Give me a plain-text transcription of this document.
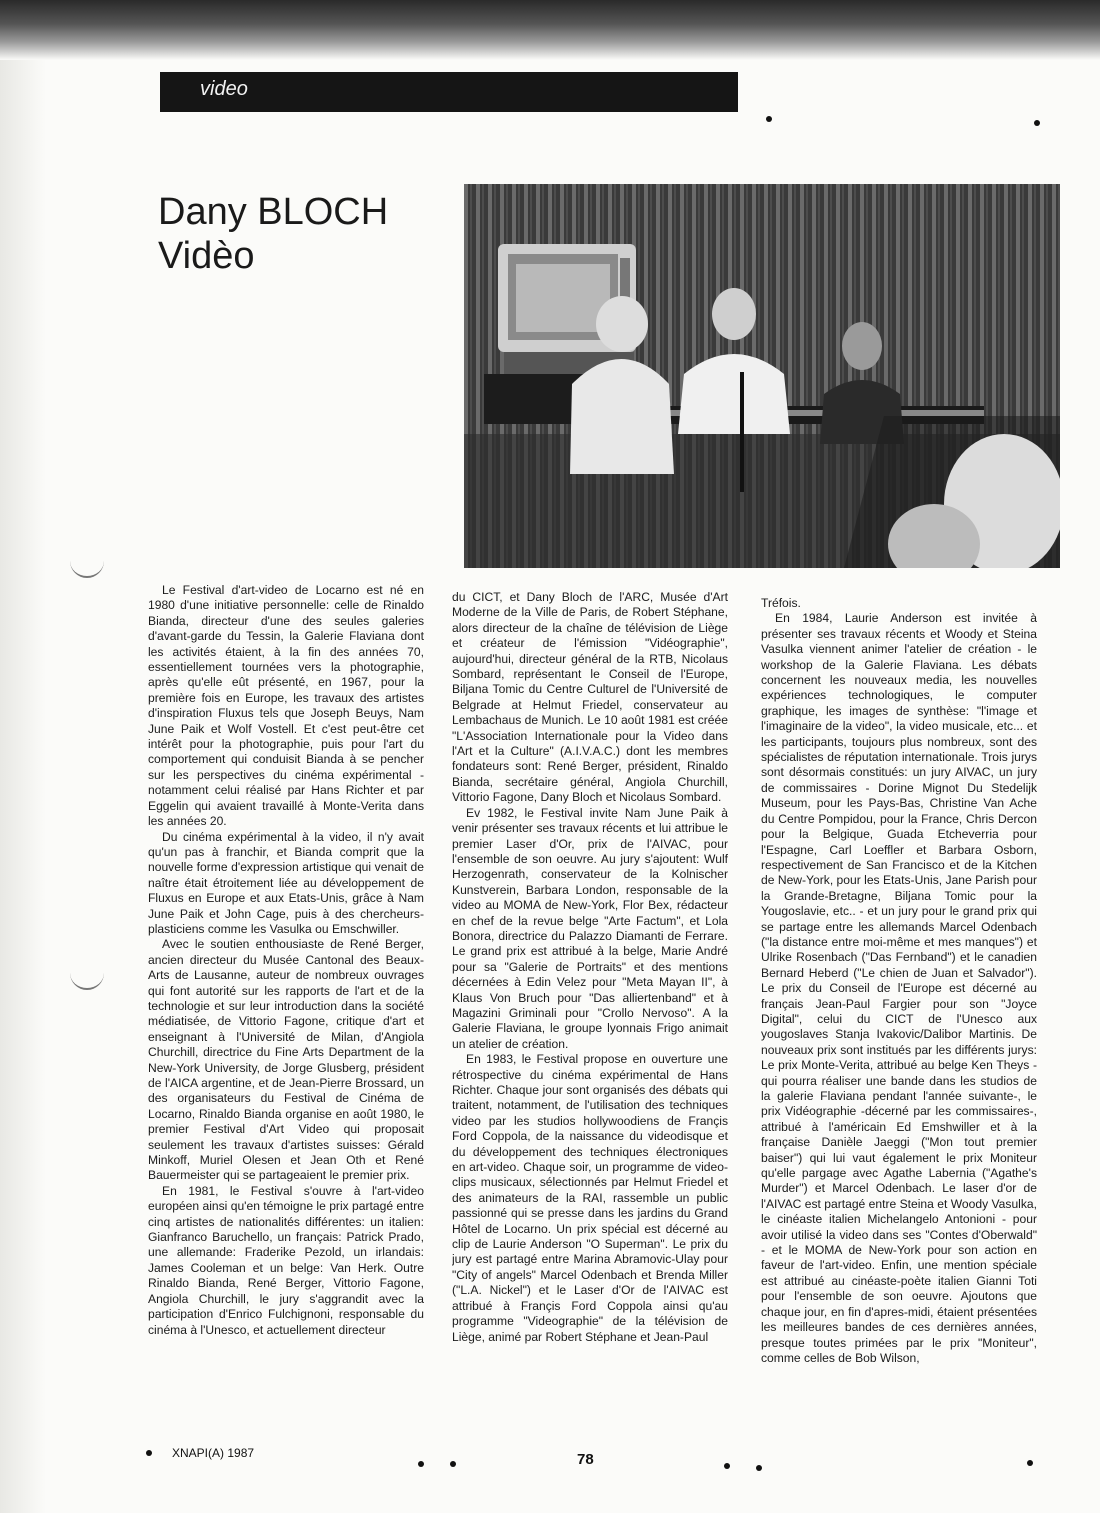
video
Dany BLOCH
Vidèo

Le Festival d'art-video de Locarno est né en 1980 d'une initiative personnelle: celle de Rinaldo Bianda, directeur d'une des seules galeries d'avant-garde du Tessin, la Galerie Flaviana dont les activités étaient, à la fin des années 70, essentiellement tournées vers la photographie, après qu'elle eût présenté, en 1967, pour la première fois en Europe, les travaux des artistes d'inspiration Fluxus tels que Joseph Beuys, Nam June Paik et Wolf Vostell. Et c'est peut-être cet intérêt pour la photographie, puis pour l'art du comportement qui conduisit Bianda à se pencher sur les perspectives du cinéma expérimental - notamment celui réalisé par Hans Richter et par Eggelin qui avaient travaillé à Monte-Verita dans les années 20.

Du cinéma expérimental à la video, il n'y avait qu'un pas à franchir, et Bianda comprit que la nouvelle forme d'expression artistique qui venait de naître était étroitement liée au développement de Fluxus en Europe et aux Etats-Unis, grâce à Nam June Paik et John Cage, puis à des chercheurs-plasticiens comme les Vasulka ou Emschwiller.

Avec le soutien enthousiaste de René Berger, ancien directeur du Musée Cantonal des Beaux-Arts de Lausanne, auteur de nombreux ouvrages qui font autorité sur les rapports de l'art et de la technologie et sur leur introduction dans la société médiatisée, de Vittorio Fagone, critique d'art et enseignant à l'Université de Milan, d'Angiola Churchill, directrice du Fine Arts Department de la New-York University, de Jorge Glusberg, président de l'AICA argentine, et de Jean-Pierre Brossard, un des organisateurs du Festival de Cinéma de Locarno, Rinaldo Bianda organise en août 1980, le premier Festival d'Art Video qui proposait seulement les travaux d'artistes suisses: Gérald Minkoff, Muriel Olesen et Jean Oth et René Bauermeister qui se partageaient le premier prix.

En 1981, le Festival s'ouvre à l'art-video européen ainsi qu'en témoigne le prix partagé entre cinq artistes de nationalités différentes: un italien: Gianfranco Baruchello, un français: Patrick Prado, une allemande: Fraderike Pezold, un irlandais: James Cooleman et un belge: Van Herk. Outre Rinaldo Bianda, René Berger, Vittorio Fagone, Angiola Churchill, le jury s'aggrandit avec la participation d'Enrico Fulchignoni, responsable du cinéma à l'Unesco, et actuellement directeur

du CICT, et Dany Bloch de l'ARC, Musée d'Art Moderne de la Ville de Paris, de Robert Stéphane, alors directeur de la chaîne de télévision de Liège et créateur de l'émission "Vidéographie", aujourd'hui, directeur général de la RTB, Nicolaus Sombard, représentant le Conseil de l'Europe, Biljana Tomic du Centre Culturel de l'Université de Belgrade at Helmut Friedel, conservateur au Lembachaus de Munich. Le 10 août 1981 est créée "L'Association Internationale pour la Video dans l'Art et la Culture" (A.I.V.A.C.) dont les membres fondateurs sont: René Berger, président, Rinaldo Bianda, secrétaire général, Angiola Churchill, Vittorio Fagone, Dany Bloch et Nicolaus Sombard.

Ev 1982, le Festival invite Nam June Paik à venir présenter ses travaux récents et lui attribue le premier Laser d'Or, prix de l'AIVAC, pour l'ensemble de son oeuvre. Au jury s'ajoutent: Wulf Herzogenrath, conservateur de la Kolnischer Kunstverein, Barbara London, responsable de la video au MOMA de New-York, Flor Bex, rédacteur en chef de la revue belge "Arte Factum", et Lola Bonora, directrice du Palazzo Diamanti de Ferrare. Le grand prix est attribué à la belge, Marie André pour sa "Galerie de Portraits" et des mentions décernées à Edin Velez pour "Meta Mayan II", à Klaus Von Bruch pour "Das alliertenband" et à Magazini Griminali pour "Crollo Nervoso". A la Galerie Flaviana, le groupe lyonnais Frigo animait un atelier de création.

En 1983, le Festival propose en ouverture une rétrospective du cinéma expérimental de Hans Richter. Chaque jour sont organisés des débats qui traitent, notamment, de l'utilisation des techniques video par les studios hollywoodiens de Françis Ford Coppola, de la naissance du videodisque et du développement des techniques électroniques en art-video. Chaque soir, un programme de video-clips musicaux, sélectionnés par Helmut Friedel et des animateurs de la RAI, rassemble un public passionné qui se presse dans les jardins du Grand Hôtel de Locarno. Un prix spécial est décerné au clip de Laurie Anderson "O Superman". Le prix du jury est partagé entre Marina Abramovic-Ulay pour "City of angels" Marcel Odenbach et Brenda Miller ("L.A. Nickel") et le Laser d'Or de l'AIVAC est attribué à Françis Ford Coppola ainsi qu'au programme "Videographie" de la télévision de Liège, animé par Robert Stéphane et Jean-Paul

Tréfois.

En 1984, Laurie Anderson est invitée à présenter ses travaux récents et Woody et Steina Vasulka viennent animer l'atelier de création - le workshop de la Galerie Flaviana. Les débats concernent les nouveaux media, les nouvelles expériences technologiques, le computer graphique, les images de synthèse: "l'image et l'imaginaire de la video", la video musicale, etc... et les participants, toujours plus nombreux, sont des spécialistes de réputation internationale. Trois jurys sont désormais constitués: un jury AIVAC, un jury de commissaires - Dorine Mignot Du Stedelijk Museum, pour les Pays-Bas, Christine Van Ache du Centre Pompidou, pour la France, Chris Dercon pour la Belgique, Guada Etcheverria pour l'Espagne, Carl Loeffler et Barbara Osborn, respectivement de San Francisco et de la Kitchen de New-York, pour les Etats-Unis, Jane Parish pour la Grande-Bretagne, Biljana Tomic pour la Yougoslavie, etc.. - et un jury pour le grand prix qui se partage entre les allemands Marcel Odenbach ("la distance entre moi-même et mes manques") et Ulrike Rosenbach ("Das Fernband") et le canadien Bernard Heberd ("Le chien de Juan et Salvador"). Le prix du Conseil de l'Europe est décerné au français Jean-Paul Fargier pour son "Joyce Digital", celui du CICT de l'Unesco aux yougoslaves Stanja Ivakovic/Dalibor Martinis. De nouveaux prix sont institués par les différents jurys: Le prix Monte-Verita, attribué au belge Ken Theys - qui pourra réaliser une bande dans les studios de la galerie Flaviana pendant l'année suivante-, le prix Vidéographie -décerné par les commissaires-, attribué à l'américain Ed Emshwiller et à la française Danièle Jaeggi ("Mon tout premier baiser") qui lui vaut également le prix Moniteur qu'elle pargage avec Agathe Labernia ("Agathe's Murder") et Marcel Odenbach. Le laser d'or de l'AIVAC est partagé entre Steina et Woody Vasulka, le cinéaste italien Michelangelo Antonioni - pour avoir utilisé la video dans ses "Contes d'Oberwald" - et le MOMA de New-York pour son action en faveur de l'art-video. Enfin, une mention spéciale est attribué au cinéaste-poète italien Gianni Toti pour l'ensemble de son oeuvre. Ajoutons que chaque jour, en fin d'apres-midi, étaient présentées les meilleures bandes de ces dernières années, presque toutes primées par le prix "Moniteur", comme celles de Bob Wilson,

XNAPI(A) 1987	78
